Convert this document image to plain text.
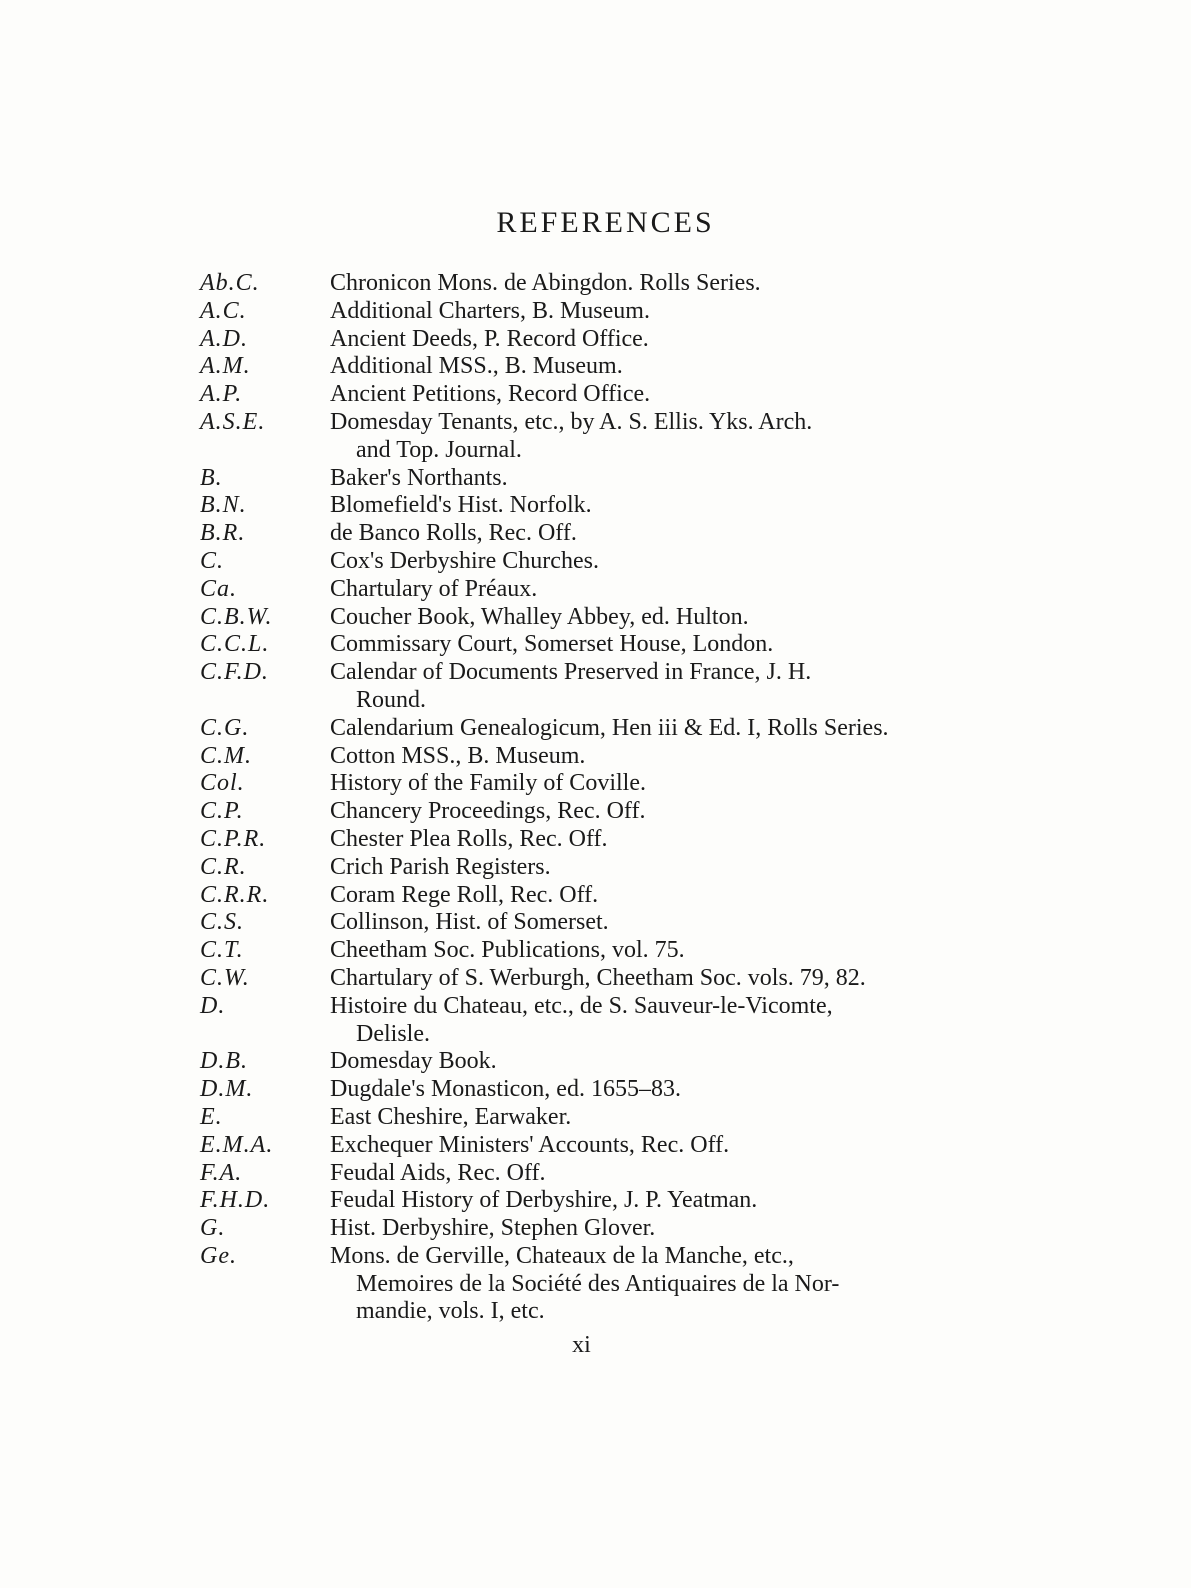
REFERENCES
Ab.C.	Chronicon Mons. de Abingdon. Rolls Series.
A.C.	Additional Charters, B. Museum.
A.D.	Ancient Deeds, P. Record Office.
A.M.	Additional MSS., B. Museum.
A.P.	Ancient Petitions, Record Office.
A.S.E.	Domesday Tenants, etc., by A. S. Ellis. Yks. Arch.
and Top. Journal.
B.	Baker's Northants.
B.N.	Blomefield's Hist. Norfolk.
B.R.	de Banco Rolls, Rec. Off.
C.	Cox's Derbyshire Churches.
Ca.	Chartulary of Préaux.
C.B.W.	Coucher Book, Whalley Abbey, ed. Hulton.
C.C.L.	Commissary Court, Somerset House, London.
C.F.D.	Calendar of Documents Preserved in France, J. H.
Round.
C.G.	Calendarium Genealogicum, Hen iii & Ed. I, Rolls Series.
C.M.	Cotton MSS., B. Museum.
Col.	History of the Family of Coville.
C.P.	Chancery Proceedings, Rec. Off.
C.P.R.	Chester Plea Rolls, Rec. Off.
C.R.	Crich Parish Registers.
C.R.R.	Coram Rege Roll, Rec. Off.
C.S.	Collinson, Hist. of Somerset.
C.T.	Cheetham Soc. Publications, vol. 75.
C.W.	Chartulary of S. Werburgh, Cheetham Soc. vols. 79, 82.
D.	Histoire du Chateau, etc., de S. Sauveur-le-Vicomte,
Delisle.
D.B.	Domesday Book.
D.M.	Dugdale's Monasticon, ed. 1655–83.
E.	East Cheshire, Earwaker.
E.M.A.	Exchequer Ministers' Accounts, Rec. Off.
F.A.	Feudal Aids, Rec. Off.
F.H.D.	Feudal History of Derbyshire, J. P. Yeatman.
G.	Hist. Derbyshire, Stephen Glover.
Ge.	Mons. de Gerville, Chateaux de la Manche, etc.,
Memoires de la Société des Antiquaires de la Nor-
mandie, vols. I, etc.
xi
